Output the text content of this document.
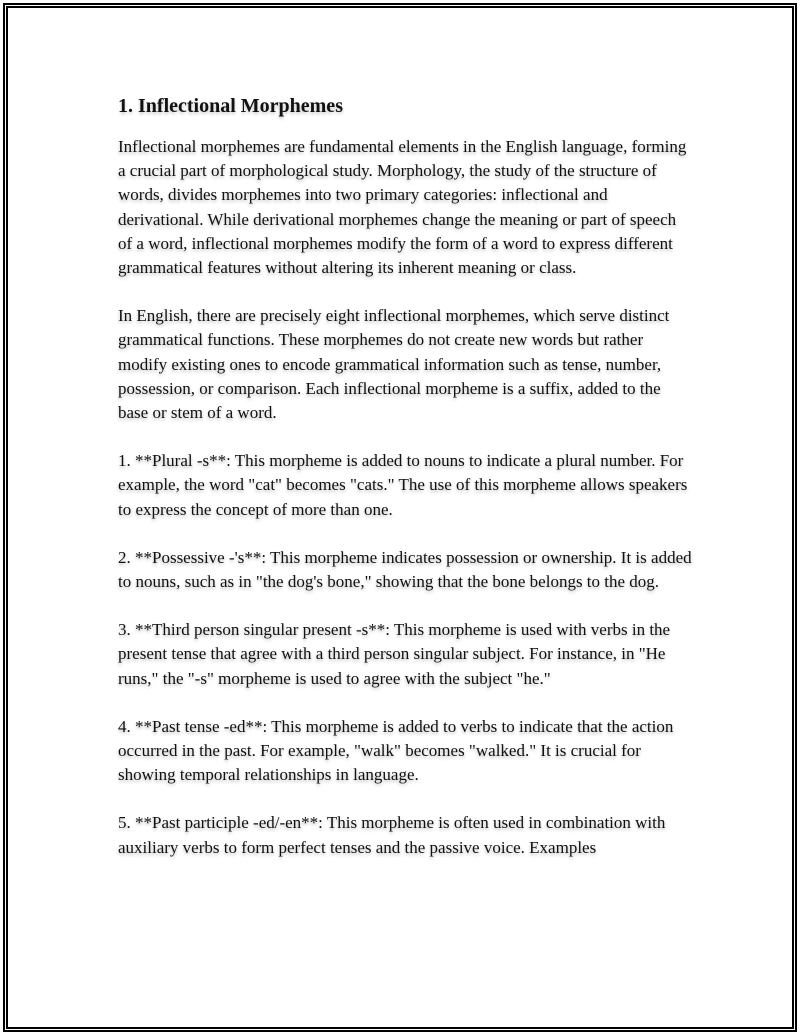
1. Inflectional Morphemes

Inflectional morphemes are fundamental elements in the English language, forming a crucial part of morphological study. Morphology, the study of the structure of words, divides morphemes into two primary categories: inflectional and derivational. While derivational morphemes change the meaning or part of speech of a word, inflectional morphemes modify the form of a word to express different grammatical features without altering its inherent meaning or class.

In English, there are precisely eight inflectional morphemes, which serve distinct grammatical functions. These morphemes do not create new words but rather modify existing ones to encode grammatical information such as tense, number, possession, or comparison. Each inflectional morpheme is a suffix, added to the base or stem of a word.

1. **Plural -s**: This morpheme is added to nouns to indicate a plural number. For example, the word "cat" becomes "cats." The use of this morpheme allows speakers to express the concept of more than one.

2. **Possessive -'s**: This morpheme indicates possession or ownership. It is added to nouns, such as in "the dog's bone," showing that the bone belongs to the dog.

3. **Third person singular present -s**: This morpheme is used with verbs in the present tense that agree with a third person singular subject. For instance, in "He runs," the "-s" morpheme is used to agree with the subject "he."

4. **Past tense -ed**: This morpheme is added to verbs to indicate that the action occurred in the past. For example, "walk" becomes "walked." It is crucial for showing temporal relationships in language.

5. **Past participle -ed/-en**: This morpheme is often used in combination with auxiliary verbs to form perfect tenses and the passive voice. Examples
